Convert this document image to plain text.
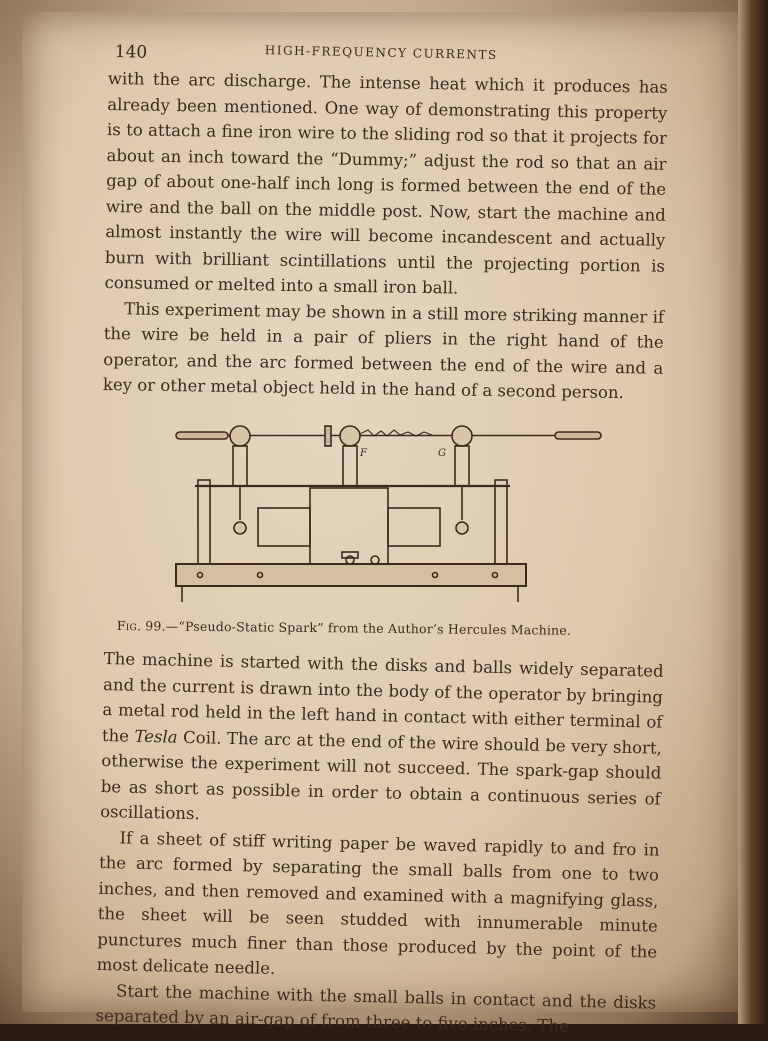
140	HIGH-FREQUENCY CURRENTS

with the arc discharge. The intense heat which it produces has already been mentioned. One way of demonstrating this property is to attach a fine iron wire to the sliding rod so that it projects for about an inch toward the “Dummy;” adjust the rod so that an air gap of about one-half inch long is formed between the end of the wire and the ball on the middle post. Now, start the machine and almost instantly the wire will become incandescent and actually burn with brilliant scintillations until the projecting portion is consumed or melted into a small iron ball.

This experiment may be shown in a still more striking manner if the wire be held in a pair of pliers in the right hand of the operator, and the arc formed between the end of the wire and a key or other metal object held in the hand of a second person.

F	G
Fig. 99.—“Pseudo-Static Spark” from the Author’s Hercules Machine.

The machine is started with the disks and balls widely separated and the current is drawn into the body of the operator by bringing a metal rod held in the left hand in contact with either terminal of the Tesla Coil. The arc at the end of the wire should be very short, otherwise the experiment will not succeed. The spark-gap should be as short as possible in order to obtain a continuous series of oscillations.

If a sheet of stiff writing paper be waved rapidly to and fro in the arc formed by separating the small balls from one to two inches, and then removed and examined with a magnifying glass, the sheet will be seen studded with innumerable minute punctures much finer than those produced by the point of the most delicate needle.

Start the machine with the small balls in contact and the disks separated by an air-gap of from three to five inches. The
